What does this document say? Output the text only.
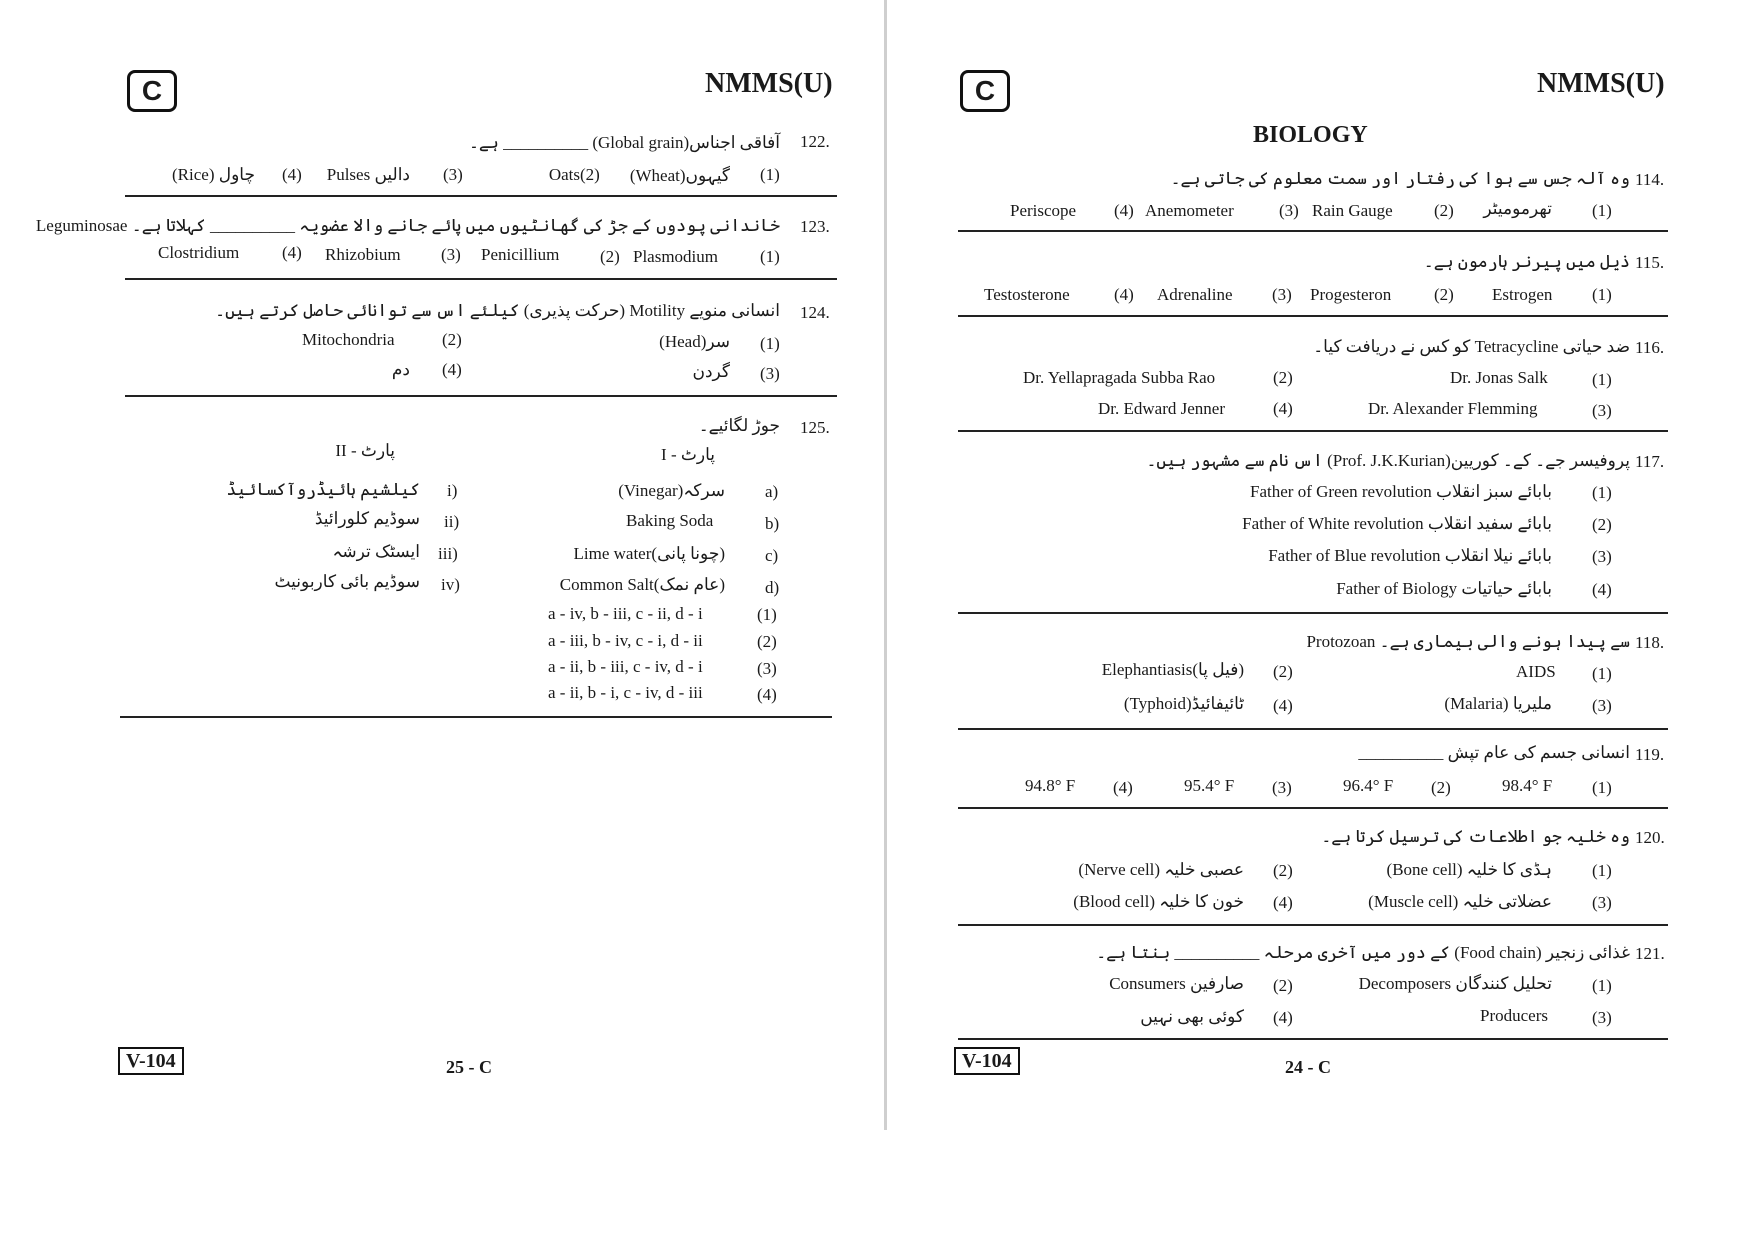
C	NMMS(U)
122.
آفاقی اجناس(Global grain) __________ ہے۔
(1)
گیہوں(Wheat)
(2)
Oats
(3)
دالیں Pulses
(4)
چاول (Rice)
123.
Leguminosae خاندانی پودوں کے جڑ کی گھانٹیوں میں پائے جانے والا عضویہ __________ کہلاتا ہے۔
(1)
Plasmodium
(2)
Penicillium
(3)
Rhizobium
(4)
Clostridium
124.
انسانی منویے Motility (حرکت پذیری) کیلئے اس سے توانائی حاصل کرتے ہیں۔
(1)
سر(Head)
(2)
Mitochondria
(3)
گردن
(4)
دم
125.
جوڑ لگائیے۔
پارٹ - I
پارٹ - II
a)
سرکہ(Vinegar)
b)
Baking Soda
c)
Lime water(چونا پانی)
d)
Common Salt(عام نمک)
i)
کیلشیم ہائیڈروآکسائیڈ
ii)
سوڈیم کلورائیڈ
iii)
ایسٹک ترشہ
iv)
سوڈیم بائی کاربونیٹ
(1)
a - iv, b - iii, c - ii, d - i
(2)
a - iii, b - iv, c - i, d - ii
(3)
a - ii, b - iii, c - iv, d - i
(4)
a - ii, b - i, c - iv, d - iii
V-104	25 - C
C	NMMS(U)
BIOLOGY
114.
وہ آلہ جس سے ہوا کی رفتار اور سمت معلوم کی جاتی ہے۔
(1)
تھرمومیٹر
(2)
Rain Gauge
(3)
Anemometer
(4)
Periscope
115.
ذیل میں پیرنر ہارمون ہے۔
(1)
Estrogen
(2)
Progesteron
(3)
Adrenaline
(4)
Testosterone
116.
ضد حیاتی Tetracycline کو کس نے دریافت کیا۔
(1)
Dr. Jonas Salk
(2)
Dr. Yellapragada Subba Rao
(3)
Dr. Alexander Flemming
(4)
Dr. Edward Jenner
117.
پروفیسر جے۔ کے۔ کوریین(Prof. J.K.Kurian) اس نام سے مشہور ہیں۔
(1)
بابائے سبز انقلاب Father of Green revolution
(2)
بابائے سفید انقلاب Father of White revolution
(3)
بابائے نیلا انقلاب Father of Blue revolution
(4)
بابائے حیاتیات Father of Biology
118.
Protozoan سے پیدا ہونے والی بیماری ہے۔
(1)
AIDS
(2)
Elephantiasis(فیل پا)
(3)
ملیریا (Malaria)
(4)
ٹائیفائیڈ(Typhoid)
119.
انسانی جسم کی عام تپش __________
(1)
98.4° F
(2)
96.4° F
(3)
95.4° F
(4)
94.8° F
120.
وہ خلیہ جو اطلاعات کی ترسیل کرتا ہے۔
(1)
ہڈی کا خلیہ (Bone cell)
(2)
عصبی خلیہ (Nerve cell)
(3)
عضلاتی خلیہ (Muscle cell)
(4)
خون کا خلیہ (Blood cell)
121.
غذائی زنجیر (Food chain) کے دور میں آخری مرحلہ __________ بنتا ہے۔
(1)
تحلیل کنندگان Decomposers
(2)
صارفین Consumers
(3)
Producers
(4)
کوئی بھی نہیں
V-104	24 - C
